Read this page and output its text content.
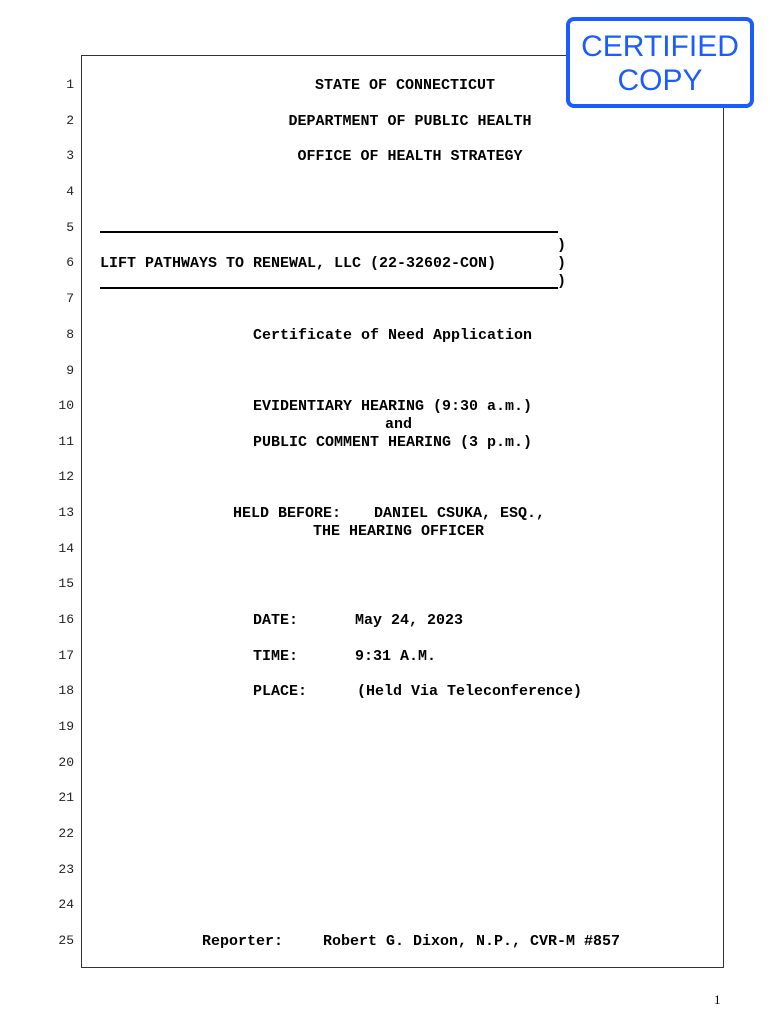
CERTIFIED
COPY
1
2
3
4
5
6
7
8
9
10
11
12
13
14
15
16
17
18
19
20
21
22
23
24
25
STATE OF CONNECTICUT
DEPARTMENT OF PUBLIC HEALTH
OFFICE OF HEALTH STRATEGY
)
LIFT PATHWAYS TO RENEWAL, LLC (22-32602-CON)	)
)
Certificate of Need Application
EVIDENTIARY HEARING (9:30 a.m.)
and
PUBLIC COMMENT HEARING (3 p.m.)
HELD BEFORE: DANIEL CSUKA, ESQ.,
THE HEARING OFFICER
DATE:	May 24, 2023
TIME:	9:31 A.M.
PLACE:	(Held Via Teleconference)
Reporter:	Robert G. Dixon, N.P., CVR-M #857
1
